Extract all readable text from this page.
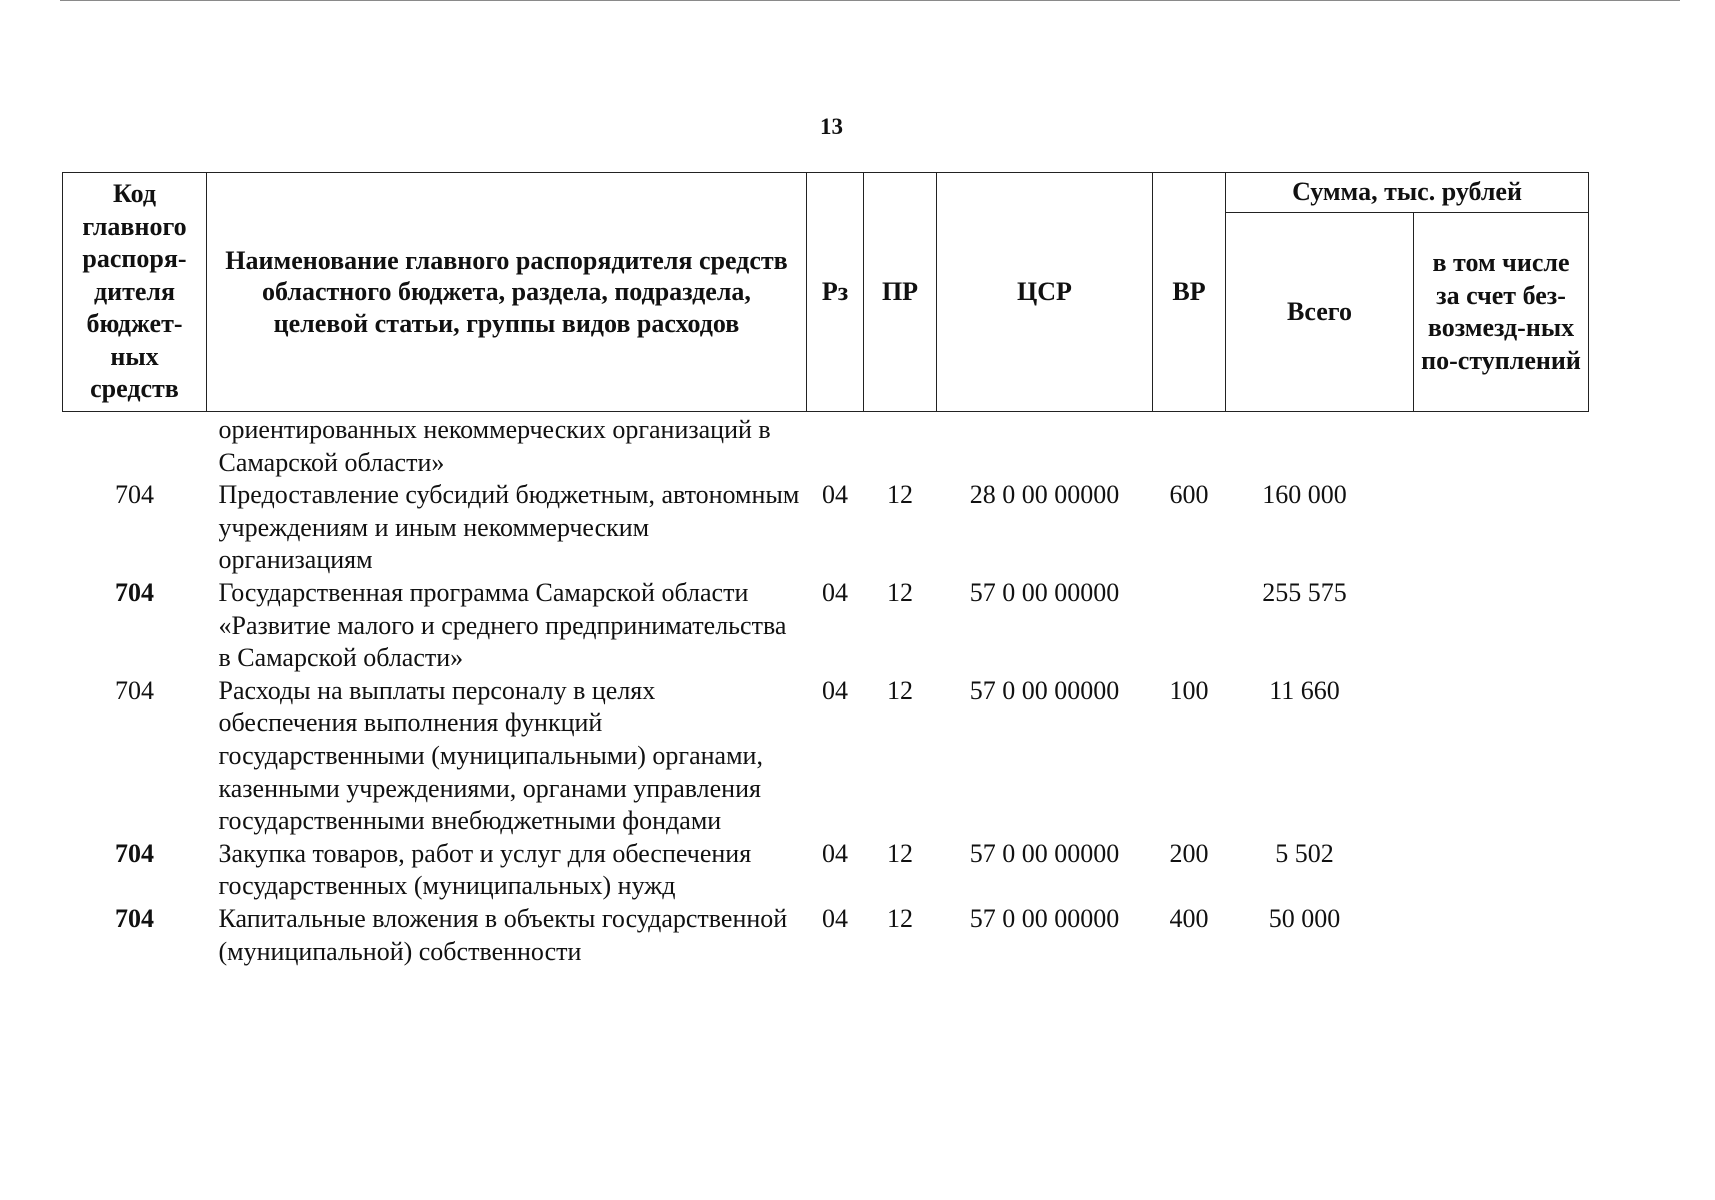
13
Код главного распоря-дителя бюджет-ных средств	Наименование главного распорядителя средств областного бюджета, раздела, подраздела, целевой статьи, группы видов расходов	Рз	ПР	ЦСР	ВР	Сумма, тыс. рублей	
						Всего	в том числе за счет без-возмезд-ных по-ступлений
	ориентированных некоммерческих организаций в Самарской области»						
704	Предоставление субсидий бюджетным, автономным учреждениям и иным некоммерческим организациям	04	12	28 0 00 00000	600	160 000	
704	Государственная программа Самарской области «Развитие малого и среднего предпринимательства в Самарской области»	04	12	57 0 00 00000		255 575	
704	Расходы на выплаты персоналу в целях обеспечения выполнения функций государственными (муниципальными) органами, казенными учреждениями, органами управления государственными внебюджетными фондами	04	12	57 0 00 00000	100	11 660	
704	Закупка товаров, работ и услуг для обеспечения государственных (муниципальных) нужд	04	12	57 0 00 00000	200	5 502	
704	Капитальные вложения в объекты государственной (муниципальной) собственности	04	12	57 0 00 00000	400	50 000	
